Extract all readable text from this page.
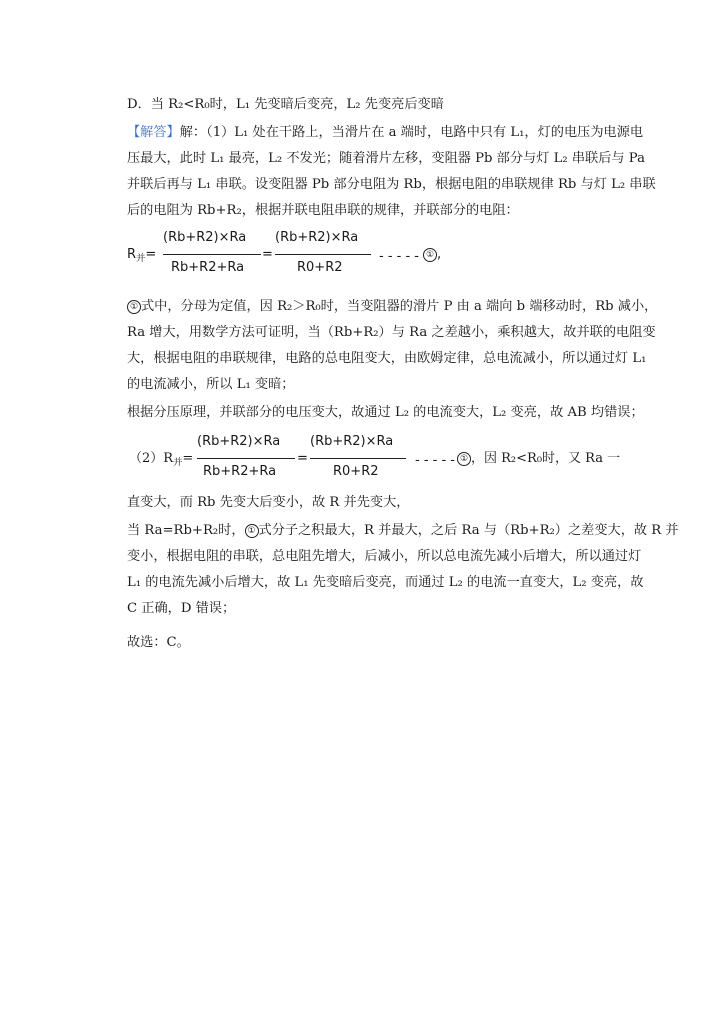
D．当 R₂<R₀时，L₁ 先变暗后变亮，L₂ 先变亮后变暗
【解答】解：（1）L₁ 处在干路上，当滑片在 a 端时，电路中只有 L₁，灯的电压为电源电
压最大，此时 L₁ 最亮，L₂ 不发光；随着滑片左移，变阻器 Pb 部分与灯 L₂ 串联后与 Pa
并联后再与 L₁ 串联。设变阻器 Pb 部分电阻为 Rb，根据电阻的串联规律 Rb 与灯 L₂ 串联
后的电阻为 Rb+R₂，根据并联电阻串联的规律，并联部分的电阻：
$R_并=$
(Rb+R2)×Ra
Rb+R2+Ra
=
(Rb+R2)×Ra
R0+R2
- - - - - ① ,
① 式中，分母为定值，因 R₂＞R₀时，当变阻器的滑片 P 由 a 端向 b 端移动时，Rb 减小，
Ra 增大，用数学方法可证明，当（Rb+R₂）与 Ra 之差越小，乘积越大，故并联的电阻变
大，根据电阻的串联规律，电路的总电阻变大，由欧姆定律，总电流减小，所以通过灯 L₁
的电流减小，所以 L₁ 变暗；
根据分压原理，并联部分的电压变大，故通过 L₂ 的电流变大，L₂ 变亮，故 AB 均错误；
$(2)R_并=$
(Rb+R2)×Ra
Rb+R2+Ra
=
(Rb+R2)×Ra
R0+R2
- - - - - ① ，因 R₂<R₀时，又 Ra 一
直变大，而 Rb 先变大后变小，故 R 并先变大，
当 Ra=Rb+R₂时， ① 式分子之积最大，R 并最大，之后 Ra 与（Rb+R₂）之差变大，故 R 并
变小，根据电阻的串联，总电阻先增大，后减小，所以总电流先减小后增大，所以通过灯
L₁ 的电流先减小后增大，故 L₁ 先变暗后变亮，而通过 L₂ 的电流一直变大，L₂ 变亮，故
C 正确，D 错误；
故选：C。
